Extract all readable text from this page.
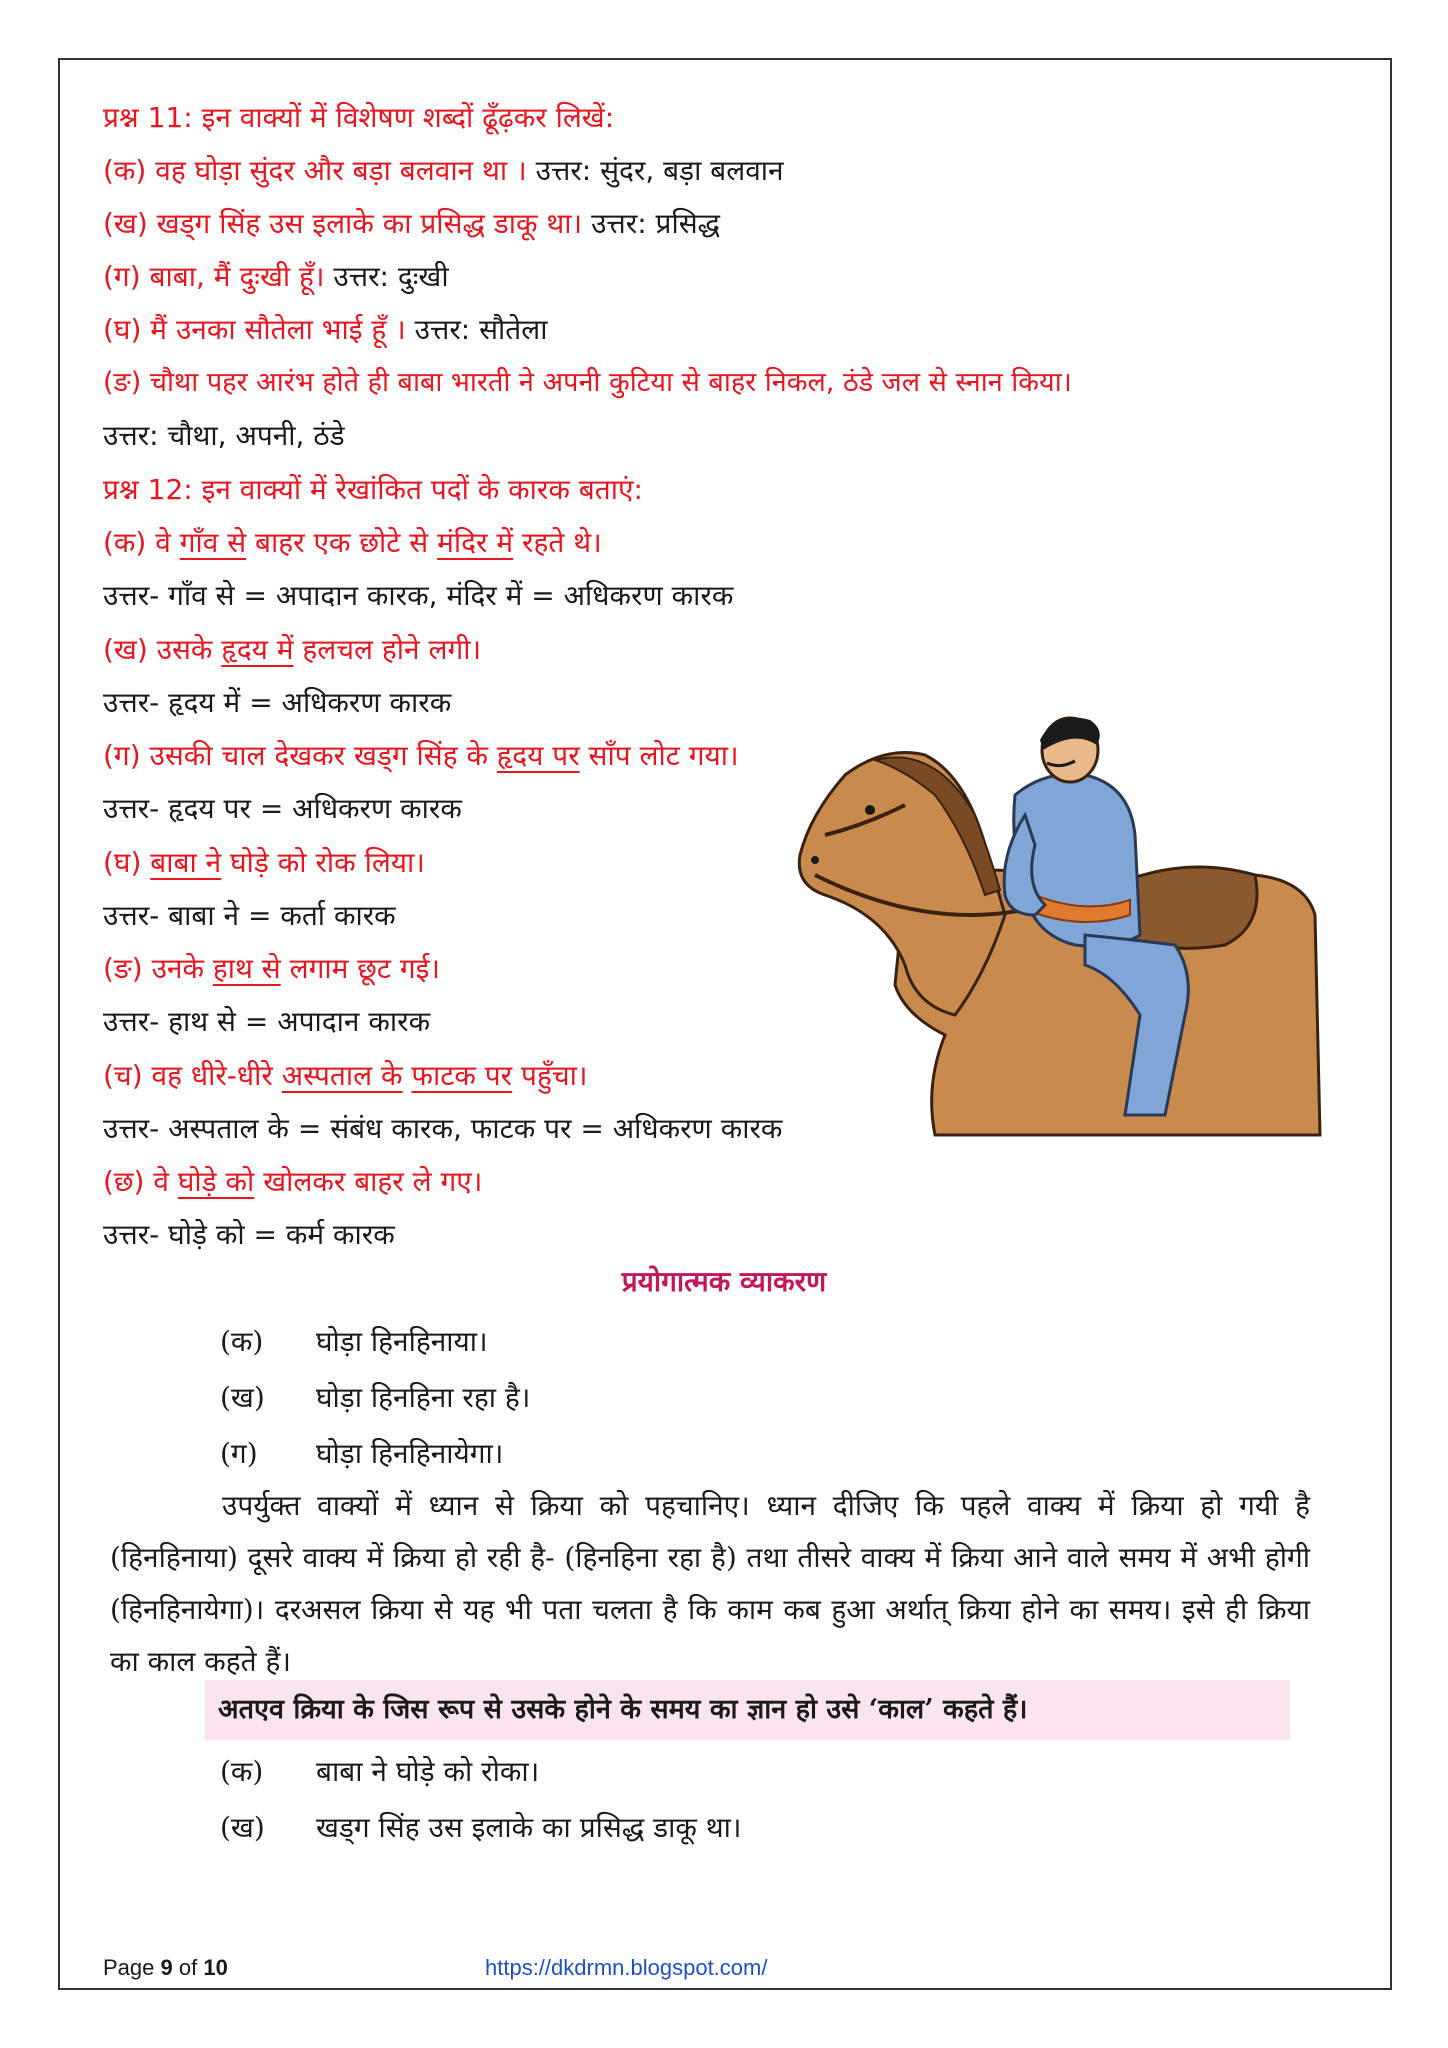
प्रश्न 11: इन वाक्यों में विशेषण शब्दों ढूँढ़कर लिखें:
(क) वह घोड़ा सुंदर और बड़ा बलवान था । उत्तर: सुंदर, बड़ा बलवान
(ख) खड्ग सिंह उस इलाके का प्रसिद्ध डाकू था। उत्तर: प्रसिद्ध
(ग) बाबा, मैं दुःखी हूँ। उत्तर: दुःखी
(घ) मैं उनका सौतेला भाई हूँ । उत्तर: सौतेला
(ङ) चौथा पहर आरंभ होते ही बाबा भारती ने अपनी कुटिया से बाहर निकल, ठंडे जल से स्नान किया।
उत्तर: चौथा, अपनी, ठंडे
प्रश्न 12: इन वाक्यों में रेखांकित पदों के कारक बताएं:
(क) वे गाँव से बाहर एक छोटे से मंदिर में रहते थे।
उत्तर- गाँव से = अपादान कारक, मंदिर में = अधिकरण कारक
(ख) उसके हृदय में हलचल होने लगी।
उत्तर- हृदय में = अधिकरण कारक
(ग) उसकी चाल देखकर खड्ग सिंह के हृदय पर साँप लोट गया।
उत्तर- हृदय पर = अधिकरण कारक
(घ) बाबा ने घोड़े को रोक लिया।
उत्तर- बाबा ने = कर्ता कारक
(ङ) उनके हाथ से लगाम छूट गई।
उत्तर- हाथ से = अपादान कारक
(च) वह धीरे-धीरे अस्पताल के फाटक पर पहुँचा।
उत्तर- अस्पताल के = संबंध कारक, फाटक पर = अधिकरण कारक
(छ) वे घोड़े को खोलकर बाहर ले गए।
उत्तर- घोड़े को = कर्म कारक
प्रयोगात्मक व्याकरण
(क) घोड़ा हिनहिनाया।
(ख) घोड़ा हिनहिना रहा है।
(ग) घोड़ा हिनहिनायेगा।
उपर्युक्त वाक्यों में ध्यान से क्रिया को पहचानिए। ध्यान दीजिए कि पहले वाक्य में क्रिया हो गयी है (हिनहिनाया) दूसरे वाक्य में क्रिया हो रही है- (हिनहिना रहा है) तथा तीसरे वाक्य में क्रिया आने वाले समय में अभी होगी (हिनहिनायेगा)। दरअसल क्रिया से यह भी पता चलता है कि काम कब हुआ अर्थात् क्रिया होने का समय। इसे ही क्रिया का काल कहते हैं।
अतएव क्रिया के जिस रूप से उसके होने के समय का ज्ञान हो उसे ‘काल’ कहते हैं।
(क) बाबा ने घोड़े को रोका।
(ख) खड्ग सिंह उस इलाके का प्रसिद्ध डाकू था।
Page 9 of 10	https://dkdrmn.blogspot.com/
